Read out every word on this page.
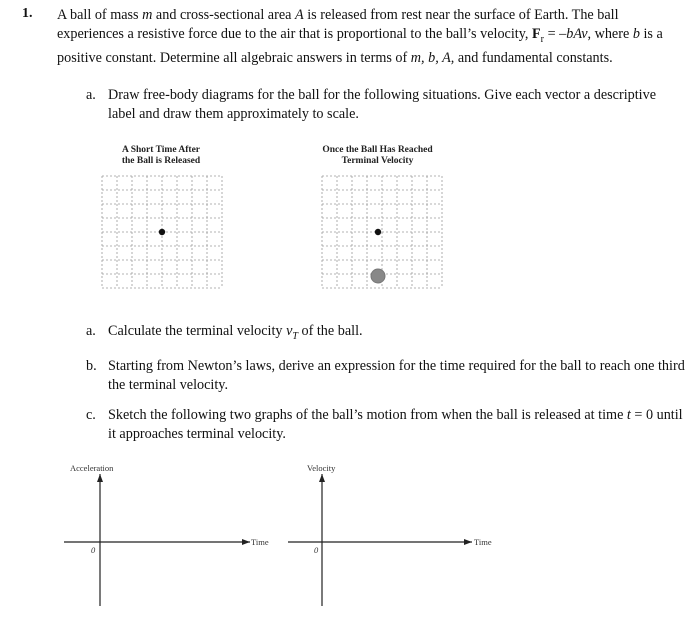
1. A ball of mass m and cross-sectional area A is released from rest near the surface of Earth. The ball experiences a resistive force due to the air that is proportional to the ball’s velocity, $F_r = -bAv$, where b is a positive constant. Determine all algebraic answers in terms of m, b, A, and fundamental constants.
a. Draw free-body diagrams for the ball for the following situations. Give each vector a descriptive label and draw them approximately to scale.
A Short Time After
the Ball is Released
Once the Ball Has Reached
Terminal Velocity
a. Calculate the terminal velocity $v_T$ of the ball.
b. Starting from Newton’s laws, derive an expression for the time required for the ball to reach one third the terminal velocity.
c. Sketch the following two graphs of the ball’s motion from when the ball is released at time t = 0 until it approaches terminal velocity.
Acceleration
Time
0
Velocity
Time
0
